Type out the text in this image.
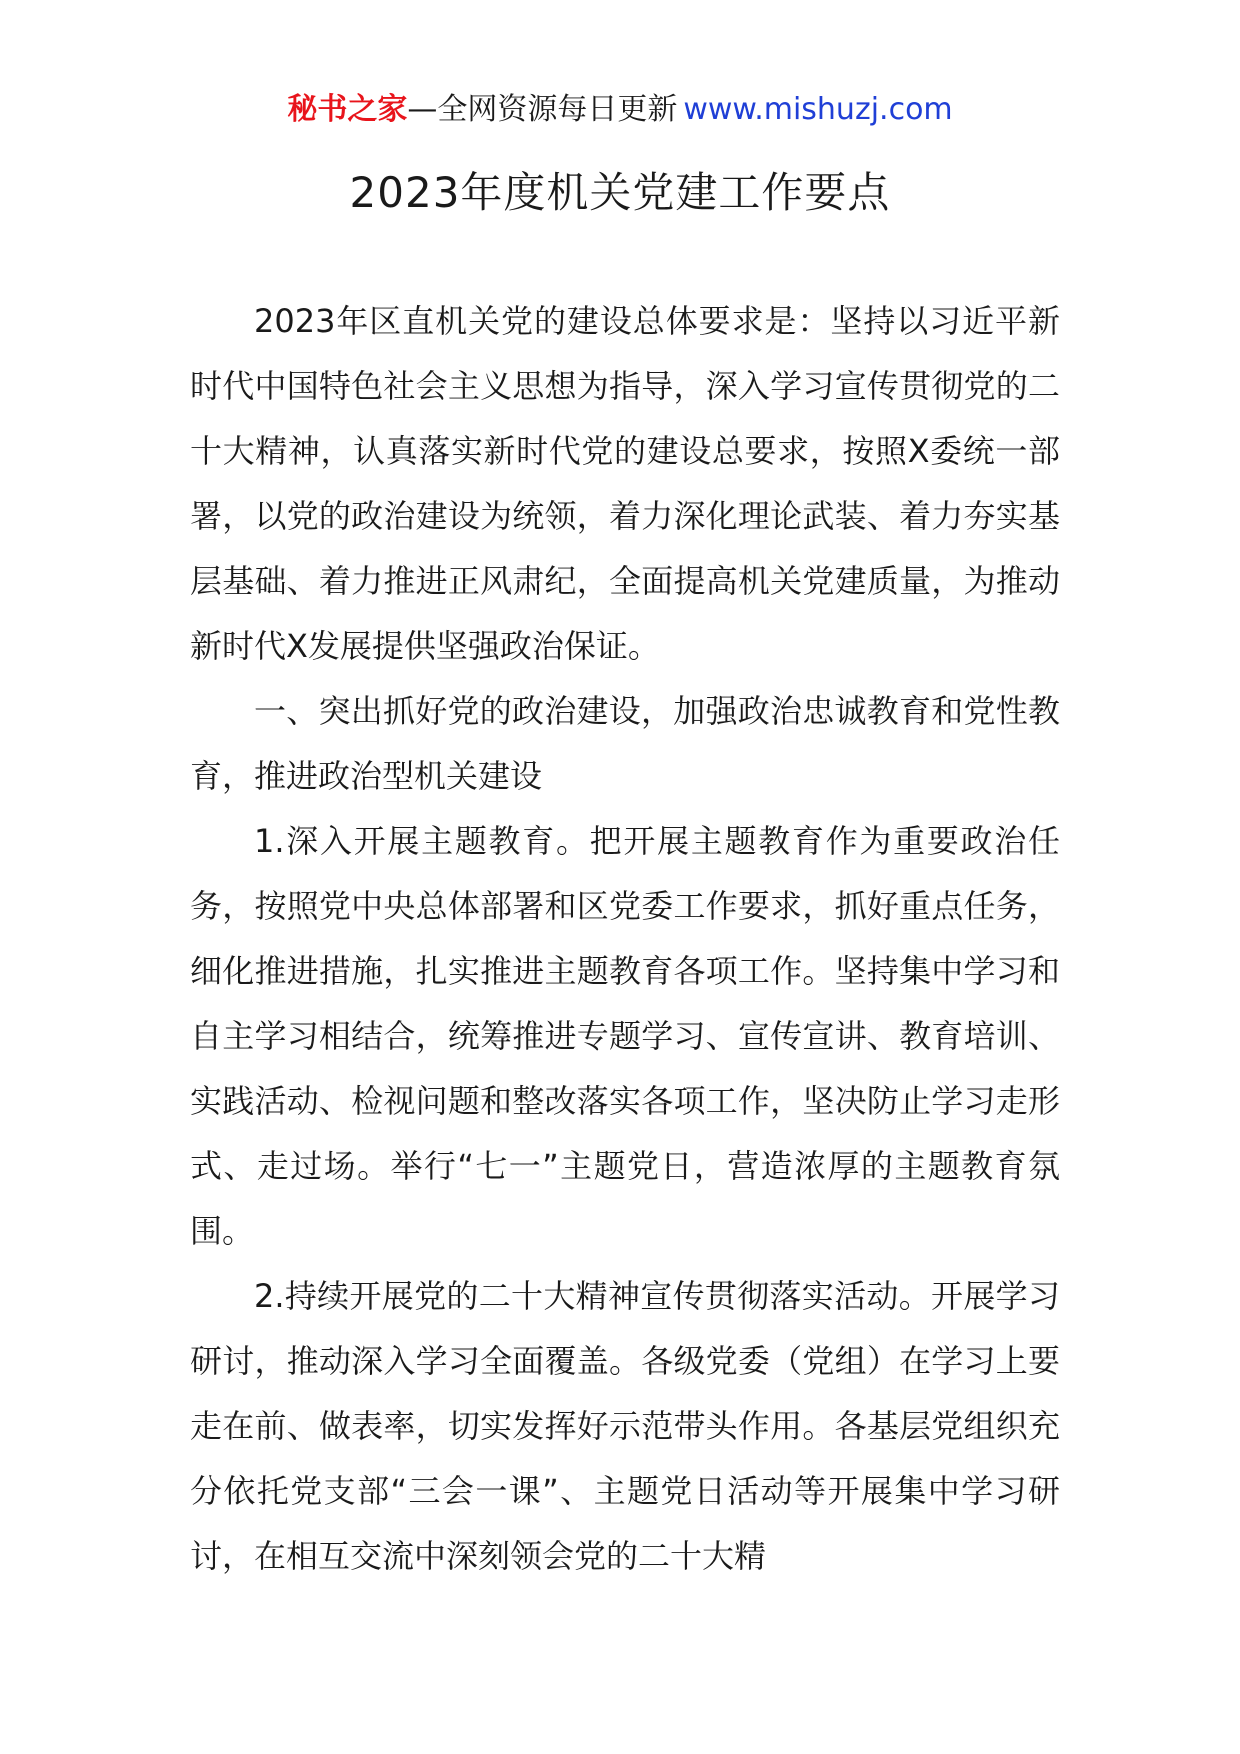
秘书之家—全网资源每日更新 www.mishuzj.com
2023年度机关党建工作要点

2023年区直机关党的建设总体要求是：坚持以习近平新时代中国特色社会主义思想为指导，深入学习宣传贯彻党的二十大精神，认真落实新时代党的建设总要求，按照X委统一部署，以党的政治建设为统领，着力深化理论武装、着力夯实基层基础、着力推进正风肃纪，全面提高机关党建质量，为推动新时代X发展提供坚强政治保证。

一、突出抓好党的政治建设，加强政治忠诚教育和党性教育，推进政治型机关建设

1.深入开展主题教育。把开展主题教育作为重要政治任务，按照党中央总体部署和区党委工作要求，抓好重点任务，细化推进措施，扎实推进主题教育各项工作。坚持集中学习和自主学习相结合，统筹推进专题学习、宣传宣讲、教育培训、实践活动、检视问题和整改落实各项工作，坚决防止学习走形式、走过场。举行“七一”主题党日，营造浓厚的主题教育氛围。

2.持续开展党的二十大精神宣传贯彻落实活动。开展学习研讨，推动深入学习全面覆盖。各级党委（党组）在学习上要走在前、做表率，切实发挥好示范带头作用。各基层党组织充分依托党支部“三会一课”、主题党日活动等开展集中学习研讨，在相互交流中深刻领会党的二十大精
